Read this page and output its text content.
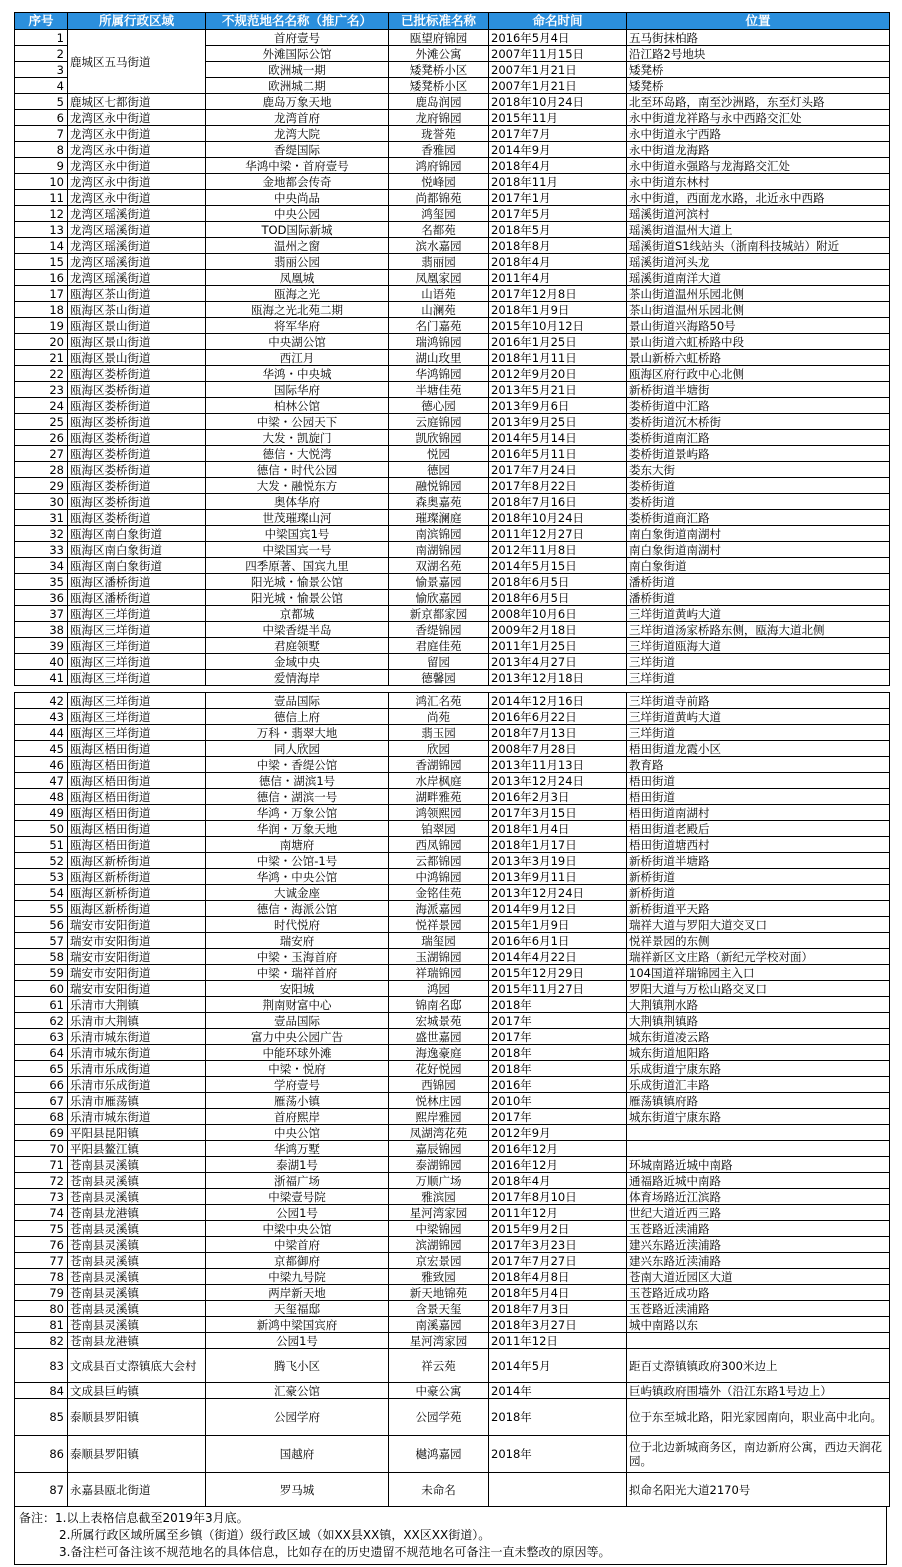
序号	所属行政区域	不规范地名名称（推广名）	已批标准名称	命名时间	位置
1	鹿城区五马街道	首府壹号	瓯望府锦园	2016年5月4日	五马街抹柏路
2		外滩国际公馆	外滩公寓	2007年11月15日	沿江路2号地块
3		欧洲城一期	矮凳桥小区	2007年1月21日	矮凳桥
4		欧洲城二期	矮凳桥小区	2007年1月21日	矮凳桥
5	鹿城区七都街道	鹿岛万象天地	鹿岛润园	2018年10月24日	北至环岛路，南至沙洲路，东至灯头路
6	龙湾区永中街道	龙湾首府	龙府锦园	2015年11月	永中街道龙祥路与永中西路交汇处
7	龙湾区永中街道	龙湾大院	珑誉苑	2017年7月	永中街道永宁西路
8	龙湾区永中街道	香缇国际	香雅园	2014年9月	永中街道龙海路
9	龙湾区永中街道	华鸿中梁・首府壹号	鸿府锦园	2018年4月	永中街道永强路与龙海路交汇处
10	龙湾区永中街道	金地都会传奇	悦峰园	2018年11月	永中街道东林村
11	龙湾区永中街道	中央尚品	尚都锦苑	2017年1月	永中街道，西面龙水路，北近永中西路
12	龙湾区瑶溪街道	中央公园	鸿玺园	2017年5月	瑶溪街道河滨村
13	龙湾区瑶溪街道	TOD国际新城	名都苑	2018年5月	瑶溪街道温州大道上
14	龙湾区瑶溪街道	温州之窗	滨水嘉园	2018年8月	瑶溪街道S1线站头（浙南科技城站）附近
15	龙湾区瑶溪街道	翡丽公园	翡丽园	2018年4月	瑶溪街道河头龙
16	龙湾区瑶溪街道	凤凰城	凤凰家园	2011年4月	瑶溪街道南洋大道
17	瓯海区茶山街道	瓯海之光	山语苑	2017年12月8日	茶山街道温州乐园北侧
18	瓯海区茶山街道	瓯海之光北苑二期	山澜苑	2018年1月9日	茶山街道温州乐园北侧
19	瓯海区景山街道	将军华府	名门嘉苑	2015年10月12日	景山街道兴海路50号
20	瓯海区景山街道	中央湖公馆	瑞鸿锦园	2016年1月25日	景山街道六虹桥路中段
21	瓯海区景山街道	西江月	湖山玫里	2018年1月11日	景山新桥六虹桥路
22	瓯海区娄桥街道	华鸿・中央城	华鸿锦园	2012年9月20日	瓯海区府行政中心北侧
23	瓯海区娄桥街道	国际华府	半塘佳苑	2013年5月21日	新桥街道半塘街
24	瓯海区娄桥街道	柏林公馆	德心园	2013年9月6日	娄桥街道中汇路
25	瓯海区娄桥街道	中梁・公园天下	云庭锦园	2013年9月25日	娄桥街道沉木桥街
26	瓯海区娄桥街道	大发・凯旋门	凯欣锦园	2014年5月14日	娄桥街道南汇路
27	瓯海区娄桥街道	德信・大悦湾	悦园	2016年5月11日	娄桥街道景屿路
28	瓯海区娄桥街道	德信・时代公园	德园	2017年7月24日	娄东大街
29	瓯海区娄桥街道	大发・融悦东方	融悦锦园	2017年8月22日	娄桥街道
30	瓯海区娄桥街道	奥体华府	森奥嘉苑	2018年7月16日	娄桥街道
31	瓯海区娄桥街道	世茂璀璨山河	璀璨澜庭	2018年10月24日	娄桥街道商汇路
32	瓯海区南白象街道	中梁国宾1号	南滨锦园	2011年12月27日	南白象街道南湖村
33	瓯海区南白象街道	中梁国宾一号	南湖锦园	2012年11月8日	南白象街道南湖村
34	瓯海区南白象街道	四季原著、国宾九里	双湖名苑	2014年5月15日	南白象街道
35	瓯海区潘桥街道	阳光城・愉景公馆	愉景嘉园	2018年6月5日	潘桥街道
36	瓯海区潘桥街道	阳光城・愉景公馆	愉欣嘉园	2018年6月5日	潘桥街道
37	瓯海区三垟街道	京都城	新京都家园	2008年10月6日	三垟街道黄屿大道
38	瓯海区三垟街道	中梁香缇半岛	香缇锦园	2009年2月18日	三垟街道汤家桥路东侧，瓯海大道北侧
39	瓯海区三垟街道	君庭领墅	君庭佳苑	2011年1月25日	三垟街道瓯海大道
40	瓯海区三垟街道	金域中央	留园	2013年4月27日	三垟街道
41	瓯海区三垟街道	爱情海岸	德馨园	2013年12月18日	三垟街道
42	瓯海区三垟街道	壹品国际	鸿汇名苑	2014年12月16日	三垟街道寺前路
43	瓯海区三垟街道	德信上府	尚苑	2016年6月22日	三垟街道黄屿大道
44	瓯海区三垟街道	万科・翡翠大地	翡玉园	2018年7月13日	三垟街道
45	瓯海区梧田街道	同人欣园	欣园	2008年7月28日	梧田街道龙霞小区
46	瓯海区梧田街道	中梁・香缇公馆	香湖锦园	2013年11月13日	教育路
47	瓯海区梧田街道	德信・湖滨1号	水岸枫庭	2013年12月24日	梧田街道
48	瓯海区梧田街道	德信・湖滨一号	湖畔雅苑	2016年2月3日	梧田街道
49	瓯海区梧田街道	华鸿・万象公馆	鸿领熙园	2017年3月15日	梧田街道南湖村
50	瓯海区梧田街道	华润・万象天地	铂翠园	2018年1月4日	梧田街道老殿后
51	瓯海区梧田街道	南塘府	西凤锦园	2018年1月17日	梧田街道塘西村
52	瓯海区新桥街道	中梁・公馆-1号	云都锦园	2013年3月19日	新桥街道半塘路
53	瓯海区新桥街道	华鸿・中央公馆	中鸿锦园	2013年9月11日	新桥街道
54	瓯海区新桥街道	大诚金座	金铭佳苑	2013年12月24日	新桥街道
55	瓯海区新桥街道	德信・海派公馆	海派嘉园	2014年9月12日	新桥街道平天路
56	瑞安市安阳街道	时代悦府	悦祥景园	2015年1月9日	瑞祥大道与罗阳大道交叉口
57	瑞安市安阳街道	瑞安府	瑞玺园	2016年6月1日	悦祥景园的东侧
58	瑞安市安阳街道	中梁・玉海首府	玉湖锦园	2014年4月22日	瑞祥新区文庄路（新纪元学校对面）
59	瑞安市安阳街道	中梁・瑞祥首府	祥瑞锦园	2015年12月29日	104国道祥瑞锦园主入口
60	瑞安市安阳街道	安阳城	鸿园	2015年11月27日	罗阳大道与万松山路交叉口
61	乐清市大荆镇	荆南财富中心	锦南名邸	2018年	大荆镇荆水路
62	乐清市大荆镇	壹品国际	宏城景苑	2017年	大荆镇荆镇路
63	乐清市城东街道	富力中央公园广告	盛世嘉园	2017年	城东街道凌云路
64	乐清市城东街道	中能环球外滩	海逸豪庭	2018年	城东街道旭阳路
65	乐清市乐成街道	中梁・悦府	花好悦园	2018年	乐成街道宁康东路
66	乐清市乐成街道	学府壹号	西锦园	2016年	乐成街道汇丰路
67	乐清市雁荡镇	雁荡小镇	悦林庄园	2010年	雁荡镇镇府路
68	乐清市城东街道	首府熙岸	熙岸雅园	2017年	城东街道宁康东路
69	平阳县昆阳镇	中央公馆	凤湖湾花苑	2012年9月	
70	平阳县鳌江镇	华鸿万墅	嘉辰锦园	2016年12月	
71	苍南县灵溪镇	泰湖1号	泰湖锦园	2016年12月	环城南路近城中南路
72	苍南县灵溪镇	浙福广场	万顺广场	2018年4月	通福路近城中南路
73	苍南县灵溪镇	中梁壹号院	雅滨园	2017年8月10日	体育场路近江滨路
74	苍南县龙港镇	公园1号	星河湾家园	2011年12月	世纪大道近西三路
75	苍南县灵溪镇	中梁中央公馆	中梁锦园	2015年9月2日	玉苍路近渎浦路
76	苍南县灵溪镇	中梁首府	滨湖锦园	2017年3月23日	建兴东路近渎浦路
77	苍南县灵溪镇	京都御府	京宏景园	2017年7月27日	建兴东路近渎浦路
78	苍南县灵溪镇	中梁九号院	雅致园	2018年4月8日	苍南大道近园区大道
79	苍南县灵溪镇	两岸新天地	新天地锦苑	2018年5月4日	玉苍路近成功路
80	苍南县灵溪镇	天玺福邸	含景天玺	2018年7月3日	玉苍路近渎浦路
81	苍南县灵溪镇	新鸿中梁国宾府	南溪嘉园	2018年3月27日	城中南路以东
82	苍南县龙港镇	公园1号	星河湾家园	2011年12日	
83	文成县百丈漈镇底大会村	腾飞小区	祥云苑	2014年5月	距百丈漈镇镇政府300米边上
84	文成县巨屿镇	汇豪公馆	中豪公寓	2014年	巨屿镇政府围墙外（沿江东路1号边上）
85	泰顺县罗阳镇	公园学府	公园学苑	2018年	位于东至城北路，阳光家园南向，职业高中北向。
86	泰顺县罗阳镇	国越府	樾鸿嘉园	2018年	位于北边新城商务区，南边新府公寓，西边天润花园。
87	永嘉县瓯北街道	罗马城	未命名		拟命名阳光大道2170号
备注：1.以上表格信息截至2019年3月底。
2.所属行政区域所属至乡镇（街道）级行政区域（如XX县XX镇，XX区XX街道）。
3.备注栏可备注该不规范地名的具体信息，比如存在的历史遗留不规范地名可备注一直未整改的原因等。
